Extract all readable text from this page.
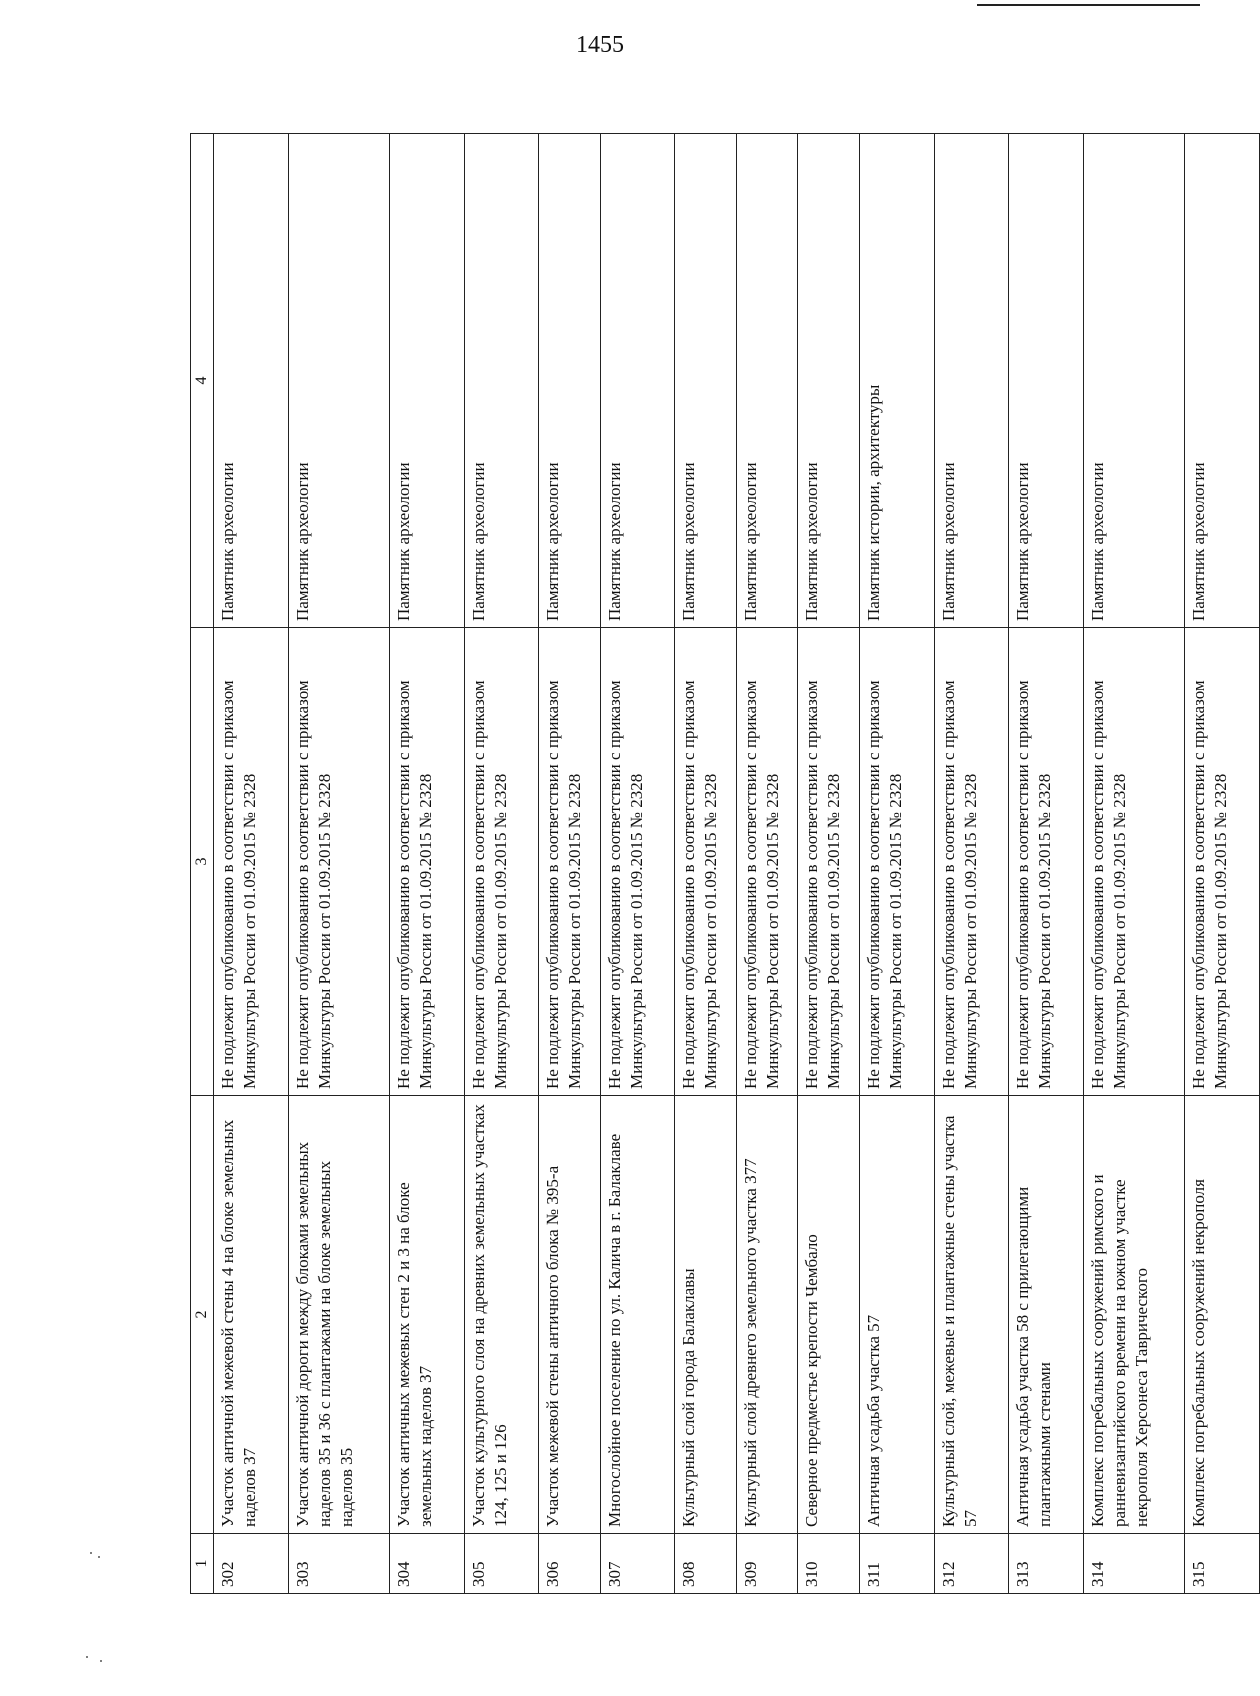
1455
1	2	3	4
302	Участок античной межевой стены 4 на блоке земельных наделов 37	Не подлежит опубликованию в соответствии с приказом Минкультуры России от 01.09.2015 № 2328	Памятник археологии
303	Участок античной дороги между блоками земельных наделов 35 и 36 с плантажами на блоке земельных наделов 35	Не подлежит опубликованию в соответствии с приказом Минкультуры России от 01.09.2015 № 2328	Памятник археологии
304	Участок античных межевых стен 2 и 3 на блоке земельных наделов 37	Не подлежит опубликованию в соответствии с приказом Минкультуры России от 01.09.2015 № 2328	Памятник археологии
305	Участок культурного слоя на древних земельных участках 124, 125 и 126	Не подлежит опубликованию в соответствии с приказом Минкультуры России от 01.09.2015 № 2328	Памятник археологии
306	Участок межевой стены античного блока № 395-а	Не подлежит опубликованию в соответствии с приказом Минкультуры России от 01.09.2015 № 2328	Памятник археологии
307	Многослойное поселение по ул. Калича в г. Балаклаве	Не подлежит опубликованию в соответствии с приказом Минкультуры России от 01.09.2015 № 2328	Памятник археологии
308	Культурный слой города Балаклавы	Не подлежит опубликованию в соответствии с приказом Минкультуры России от 01.09.2015 № 2328	Памятник археологии
309	Культурный слой древнего земельного участка 377	Не подлежит опубликованию в соответствии с приказом Минкультуры России от 01.09.2015 № 2328	Памятник археологии
310	Северное предместье крепости Чембало	Не подлежит опубликованию в соответствии с приказом Минкультуры России от 01.09.2015 № 2328	Памятник археологии
311	Античная усадьба участка 57	Не подлежит опубликованию в соответствии с приказом Минкультуры России от 01.09.2015 № 2328	Памятник истории, архитектуры
312	Культурный слой, межевые и плантажные стены участка 57	Не подлежит опубликованию в соответствии с приказом Минкультуры России от 01.09.2015 № 2328	Памятник археологии
313	Античная усадьба участка 58 с прилегающими плантажными стенами	Не подлежит опубликованию в соответствии с приказом Минкультуры России от 01.09.2015 № 2328	Памятник археологии
314	Комплекс погребальных сооружений римского и ранневизантийского времени на южном участке некрополя Херсонеса Таврического	Не подлежит опубликованию в соответствии с приказом Минкультуры России от 01.09.2015 № 2328	Памятник археологии
315	Комплекс погребальных сооружений некрополя	Не подлежит опубликованию в соответствии с приказом Минкультуры России от 01.09.2015 № 2328	Памятник археологии
